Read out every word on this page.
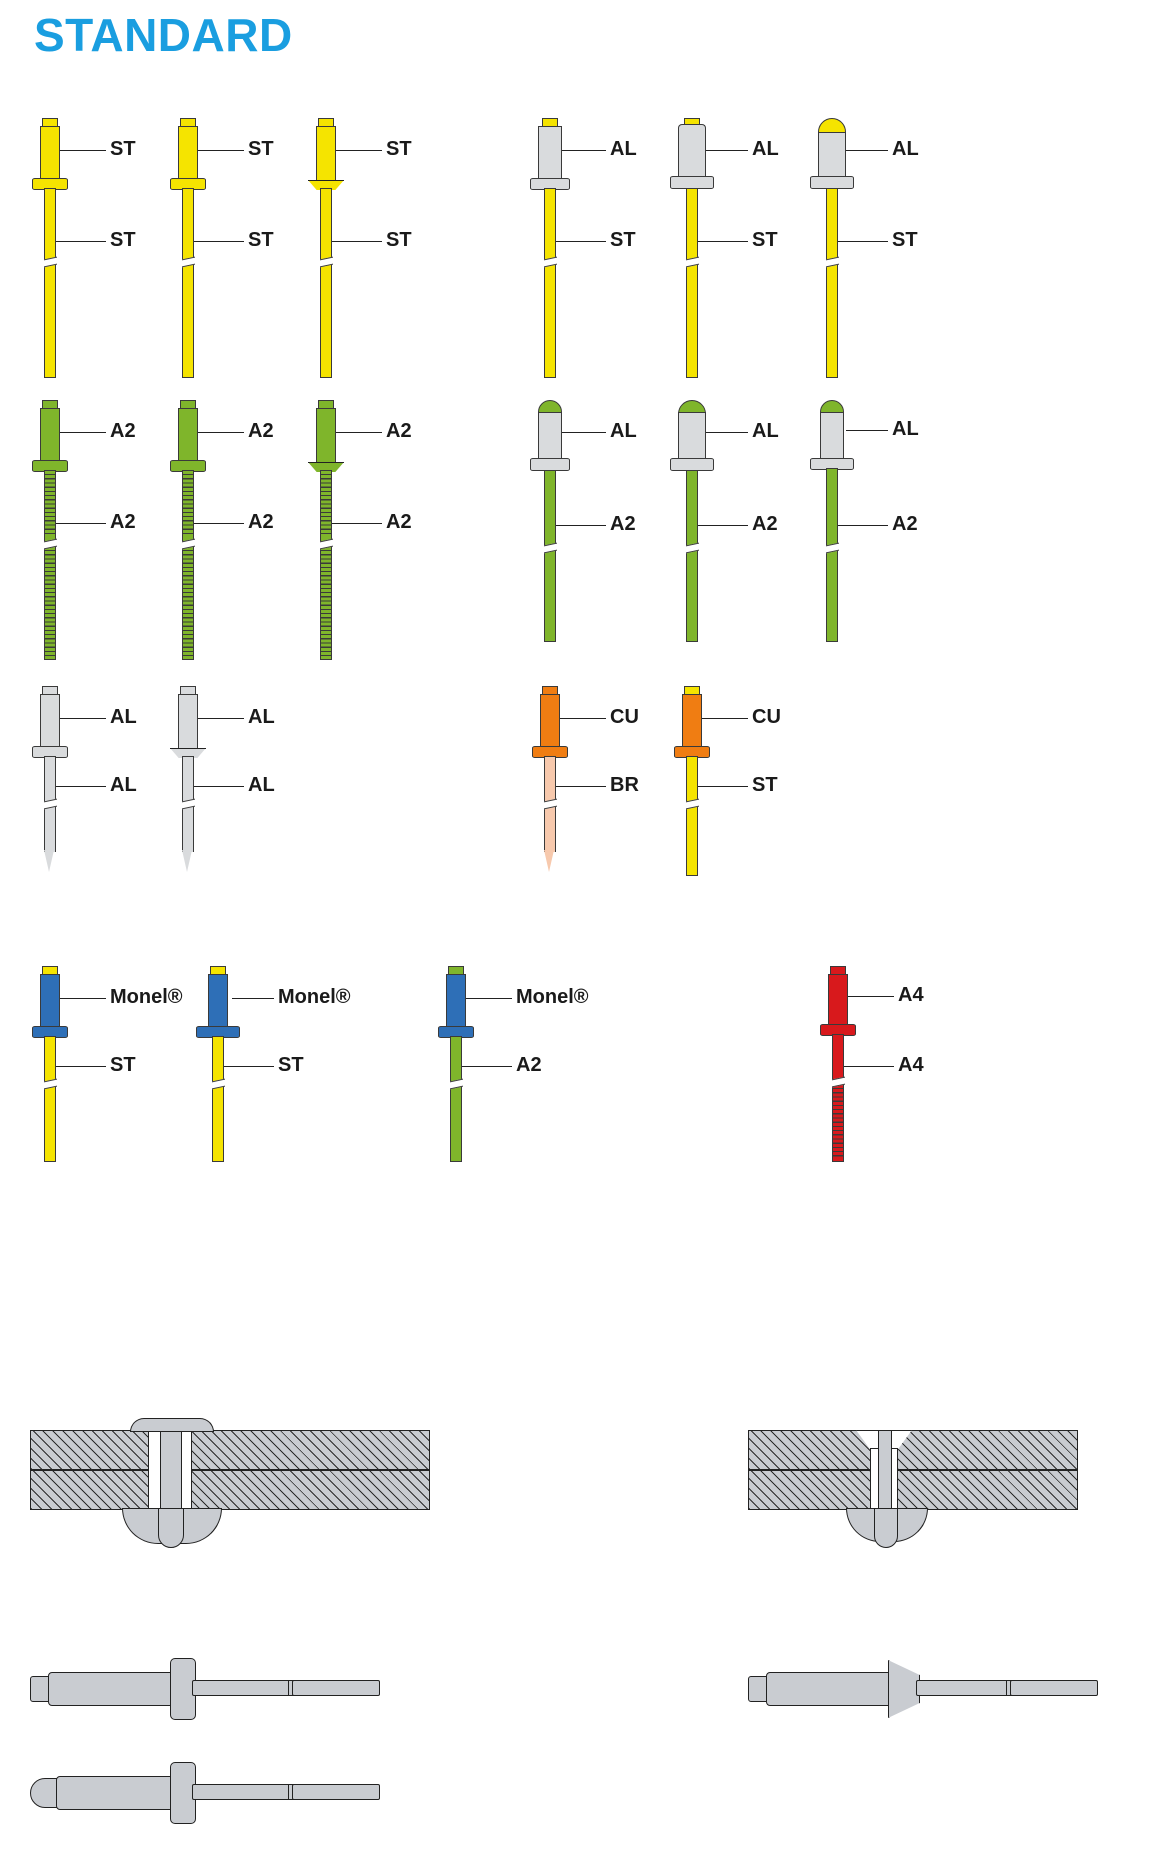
STANDARD
ST
ST
ST
ST
ST
ST
AL
ST
AL
ST
AL
ST
A2
A2
A2
A2
A2
A2
AL
A2
AL
A2
AL
A2
AL
AL
AL
AL
CU
BR
CU
ST
Monel®
ST
Monel®
ST
Monel®
A2
A4
A4
